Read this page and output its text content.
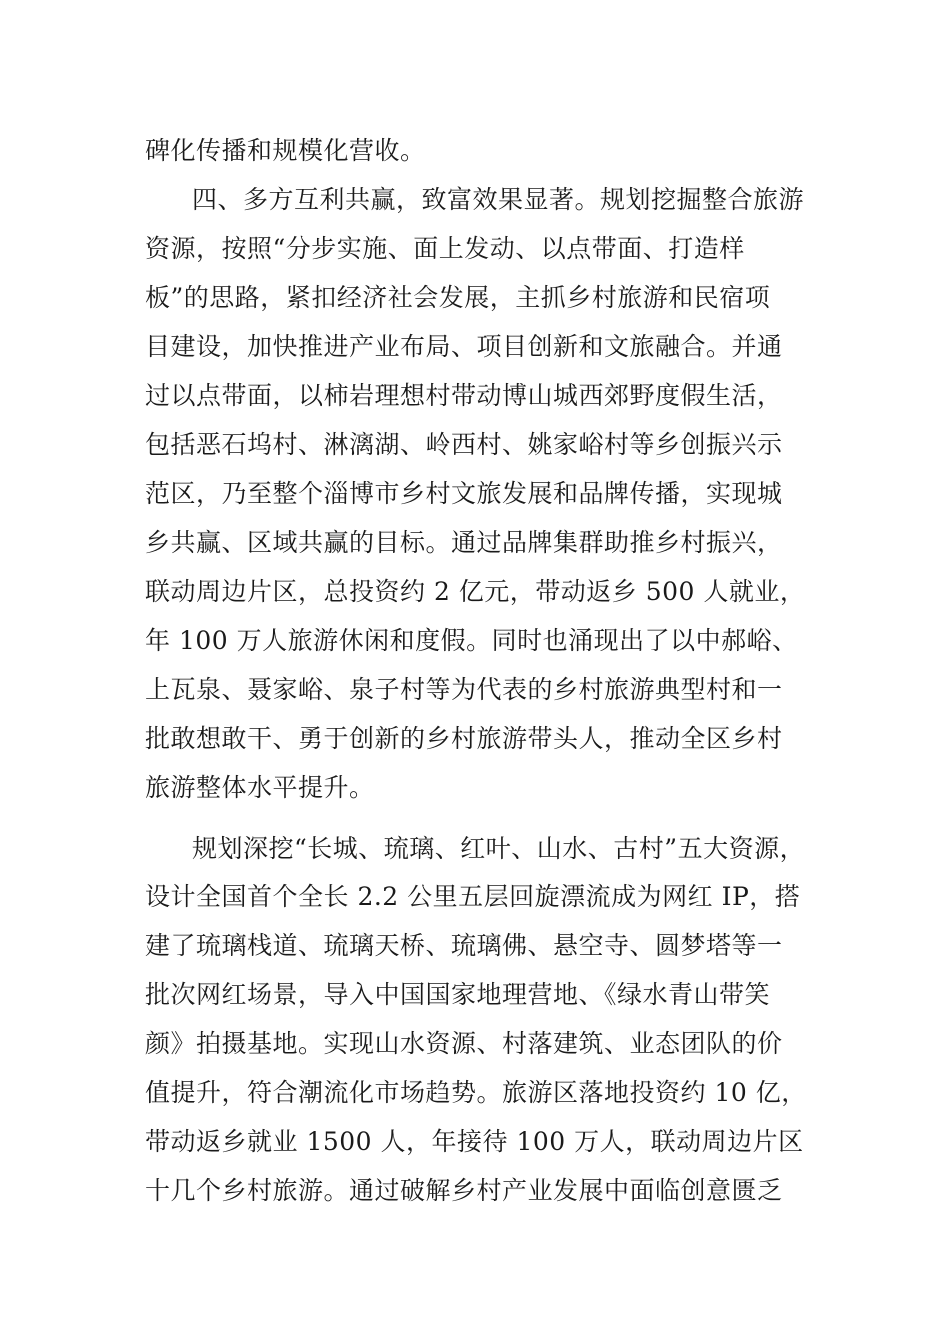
碑化传播和规模化营收。
四、多方互利共赢，致富效果显著。规划挖掘整合旅游
资源，按照“分步实施、面上发动、以点带面、打造样
板”的思路，紧扣经济社会发展，主抓乡村旅游和民宿项
目建设，加快推进产业布局、项目创新和文旅融合。并通
过以点带面，以柿岩理想村带动博山城西郊野度假生活，
包括恶石坞村、淋漓湖、岭西村、姚家峪村等乡创振兴示
范区，乃至整个淄博市乡村文旅发展和品牌传播，实现城
乡共赢、区域共赢的目标。通过品牌集群助推乡村振兴，
联动周边片区，总投资约 2 亿元，带动返乡 500 人就业，
年 100 万人旅游休闲和度假。同时也涌现出了以中郝峪、
上瓦泉、聂家峪、泉子村等为代表的乡村旅游典型村和一
批敢想敢干、勇于创新的乡村旅游带头人，推动全区乡村
旅游整体水平提升。
规划深挖“长城、琉璃、红叶、山水、古村”五大资源，
设计全国首个全长 2.2 公里五层回旋漂流成为网红 IP，搭
建了琉璃栈道、琉璃天桥、琉璃佛、悬空寺、圆梦塔等一
批次网红场景，导入中国国家地理营地、《绿水青山带笑
颜》拍摄基地。实现山水资源、村落建筑、业态团队的价
值提升，符合潮流化市场趋势。旅游区落地投资约 10 亿，
带动返乡就业 1500 人，年接待 100 万人，联动周边片区
十几个乡村旅游。通过破解乡村产业发展中面临创意匮乏
